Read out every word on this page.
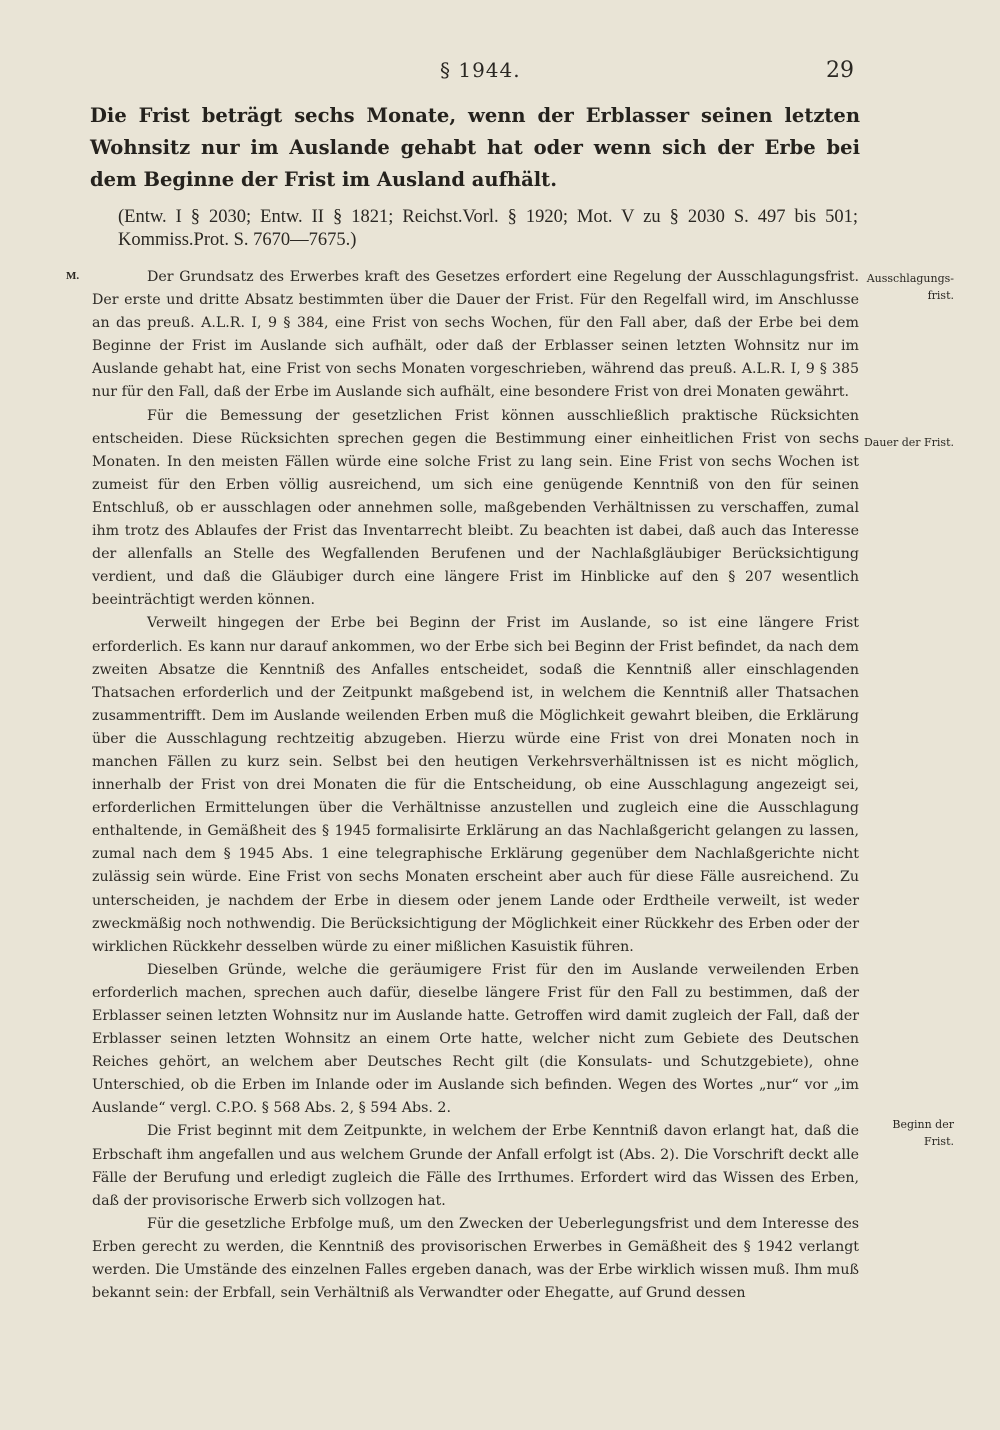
§ 1944.	29
Die Frist beträgt sechs Monate, wenn der Erblasser seinen letzten Wohnsitz nur im Auslande gehabt hat oder wenn sich der Erbe bei dem Beginne der Frist im Ausland aufhält.
(Entw. I § 2030; Entw. II § 1821; Reichst.Vorl. § 1920; Mot. V zu § 2030 S. 497 bis 501; Kommiss.Prot. S. 7670—7675.)
M.	Der Grundsatz des Erwerbes kraft des Gesetzes erfordert eine Regelung der Ausschlagungsfrist. Der erste und dritte Absatz bestimmten über die Dauer der Frist. Für den Regelfall wird, im Anschlusse an das preuß. A.L.R. I, 9 § 384, eine Frist von sechs Wochen, für den Fall aber, daß der Erbe bei dem Beginne der Frist im Auslande sich aufhält, oder daß der Erblasser seinen letzten Wohnsitz nur im Auslande gehabt hat, eine Frist von sechs Monaten vorgeschrieben, während das preuß. A.L.R. I, 9 § 385 nur für den Fall, daß der Erbe im Auslande sich aufhält, eine besondere Frist von drei Monaten gewährt.

Für die Bemessung der gesetzlichen Frist können ausschließlich praktische Rücksichten entscheiden. Diese Rücksichten sprechen gegen die Bestimmung einer einheitlichen Frist von sechs Monaten. In den meisten Fällen würde eine solche Frist zu lang sein. Eine Frist von sechs Wochen ist zumeist für den Erben völlig ausreichend, um sich eine genügende Kenntniß von den für seinen Entschluß, ob er ausschlagen oder annehmen solle, maßgebenden Verhältnissen zu verschaffen, zumal ihm trotz des Ablaufes der Frist das Inventarrecht bleibt. Zu beachten ist dabei, daß auch das Interesse der allenfalls an Stelle des Wegfallenden Berufenen und der Nachlaßgläubiger Berücksichtigung verdient, und daß die Gläubiger durch eine längere Frist im Hinblicke auf den § 207 wesentlich beeinträchtigt werden können.

Verweilt hingegen der Erbe bei Beginn der Frist im Auslande, so ist eine längere Frist erforderlich. Es kann nur darauf ankommen, wo der Erbe sich bei Beginn der Frist befindet, da nach dem zweiten Absatze die Kenntniß des Anfalles entscheidet, sodaß die Kenntniß aller einschlagenden Thatsachen erforderlich und der Zeitpunkt maßgebend ist, in welchem die Kenntniß aller Thatsachen zusammentrifft. Dem im Auslande weilenden Erben muß die Möglichkeit gewahrt bleiben, die Erklärung über die Ausschlagung rechtzeitig abzugeben. Hierzu würde eine Frist von drei Monaten noch in manchen Fällen zu kurz sein. Selbst bei den heutigen Verkehrsverhältnissen ist es nicht möglich, innerhalb der Frist von drei Monaten die für die Entscheidung, ob eine Ausschlagung angezeigt sei, erforderlichen Ermittelungen über die Verhältnisse anzustellen und zugleich eine die Ausschlagung enthaltende, in Gemäßheit des § 1945 formalisirte Erklärung an das Nachlaßgericht gelangen zu lassen, zumal nach dem § 1945 Abs. 1 eine telegraphische Erklärung gegenüber dem Nachlaßgerichte nicht zulässig sein würde. Eine Frist von sechs Monaten erscheint aber auch für diese Fälle ausreichend. Zu unterscheiden, je nachdem der Erbe in diesem oder jenem Lande oder Erdtheile verweilt, ist weder zweckmäßig noch nothwendig. Die Berücksichtigung der Möglichkeit einer Rückkehr des Erben oder der wirklichen Rückkehr desselben würde zu einer mißlichen Kasuistik führen.

Dieselben Gründe, welche die geräumigere Frist für den im Auslande verweilenden Erben erforderlich machen, sprechen auch dafür, dieselbe längere Frist für den Fall zu bestimmen, daß der Erblasser seinen letzten Wohnsitz nur im Auslande hatte. Getroffen wird damit zugleich der Fall, daß der Erblasser seinen letzten Wohnsitz an einem Orte hatte, welcher nicht zum Gebiete des Deutschen Reiches gehört, an welchem aber Deutsches Recht gilt (die Konsulats- und Schutzgebiete), ohne Unterschied, ob die Erben im Inlande oder im Auslande sich befinden. Wegen des Wortes „nur“ vor „im Auslande“ vergl. C.P.O. § 568 Abs. 2, § 594 Abs. 2.

Die Frist beginnt mit dem Zeitpunkte, in welchem der Erbe Kenntniß davon erlangt hat, daß die Erbschaft ihm angefallen und aus welchem Grunde der Anfall erfolgt ist (Abs. 2). Die Vorschrift deckt alle Fälle der Berufung und erledigt zugleich die Fälle des Irrthumes. Erfordert wird das Wissen des Erben, daß der provisorische Erwerb sich vollzogen hat.

Für die gesetzliche Erbfolge muß, um den Zwecken der Ueberlegungsfrist und dem Interesse des Erben gerecht zu werden, die Kenntniß des provisorischen Erwerbes in Gemäßheit des § 1942 verlangt werden. Die Umstände des einzelnen Falles ergeben danach, was der Erbe wirklich wissen muß. Ihm muß bekannt sein: der Erbfall, sein Verhältniß als Verwandter oder Ehegatte, auf Grund dessen

Ausschlagungs-frist.
Dauer der Frist.
Beginn der Frist.
